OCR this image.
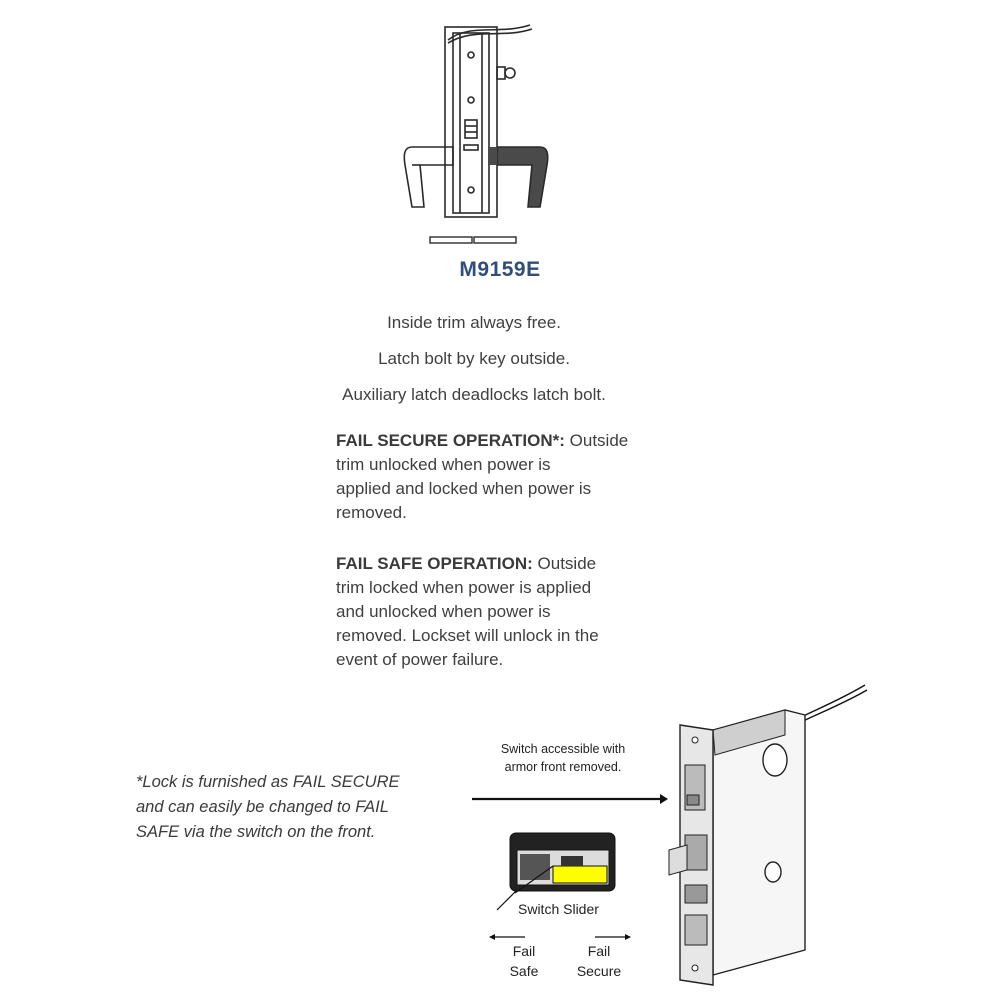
M9159E
Inside trim always free.
Latch bolt by key outside.
Auxiliary latch deadlocks latch bolt.
FAIL SECURE OPERATION*: Outside
trim unlocked when power is
applied and locked when power is
removed.
FAIL SAFE OPERATION: Outside
trim locked when power is applied
and unlocked when power is
removed. Lockset will unlock in the
event of power failure.
*Lock is furnished as FAIL SECURE
and can easily be changed to FAIL
SAFE via the switch on the front.
Switch accessible with
armor front removed.
Switch Slider
Fail
Safe
Fail
Secure
